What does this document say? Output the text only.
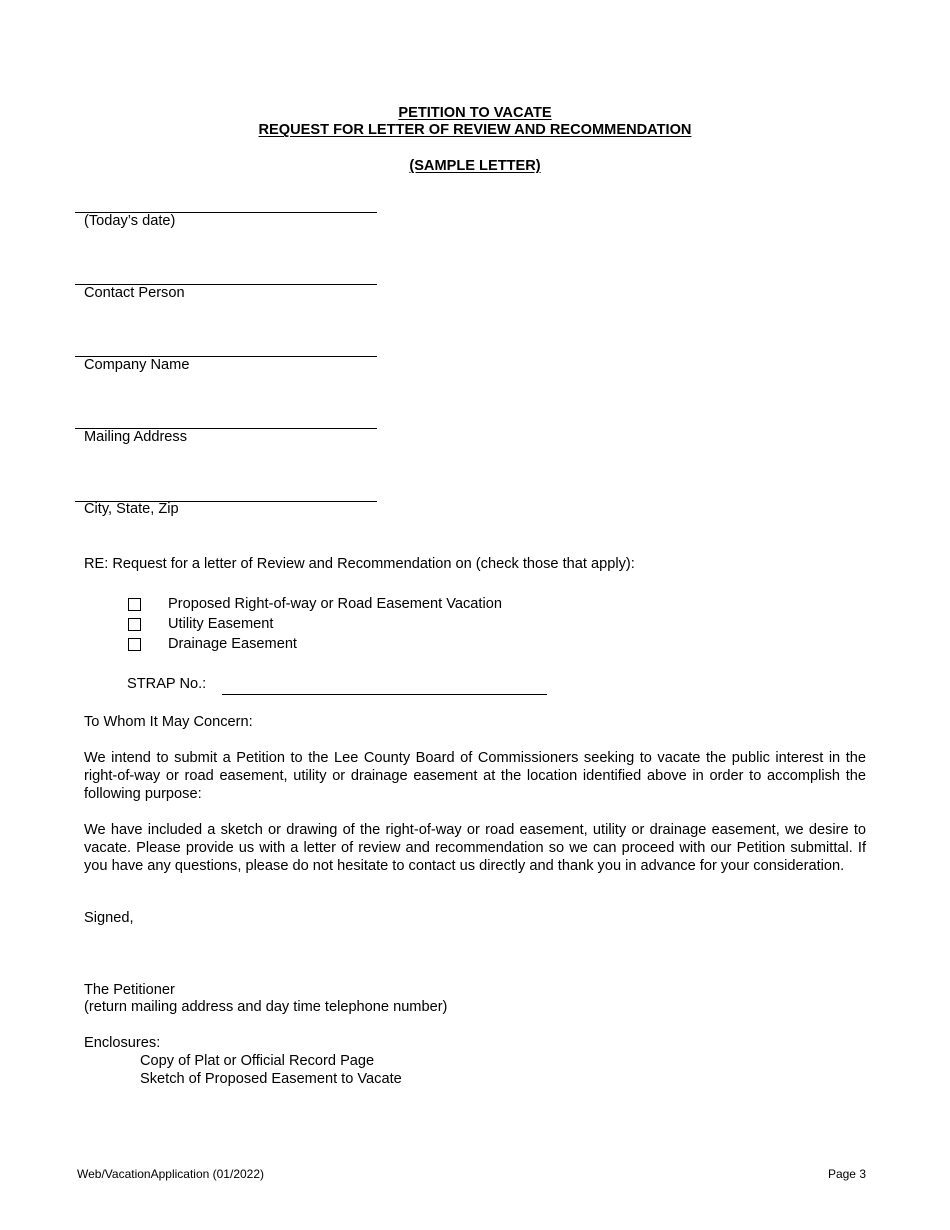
PETITION TO VACATE
REQUEST FOR LETTER OF REVIEW AND RECOMMENDATION
(SAMPLE LETTER)
(Today’s date)
Contact Person
Company Name
Mailing Address
City, State, Zip
RE: Request for a letter of Review and Recommendation on (check those that apply):
Proposed Right-of-way or Road Easement Vacation
Utility Easement
Drainage Easement
STRAP No.:
To Whom It May Concern:
We intend to submit a Petition to the Lee County Board of Commissioners seeking to vacate the public interest in the right-of-way or road easement, utility or drainage easement at the location identified above in order to accomplish the following purpose:
We have included a sketch or drawing of the right-of-way or road easement, utility or drainage easement, we desire to vacate. Please provide us with a letter of review and recommendation so we can proceed with our Petition submittal. If you have any questions, please do not hesitate to contact us directly and thank you in advance for your consideration.
Signed,
The Petitioner
(return mailing address and day time telephone number)
Enclosures:
Copy of Plat or Official Record Page
Sketch of Proposed Easement to Vacate
Web/VacationApplication (01/2022)	Page 3
